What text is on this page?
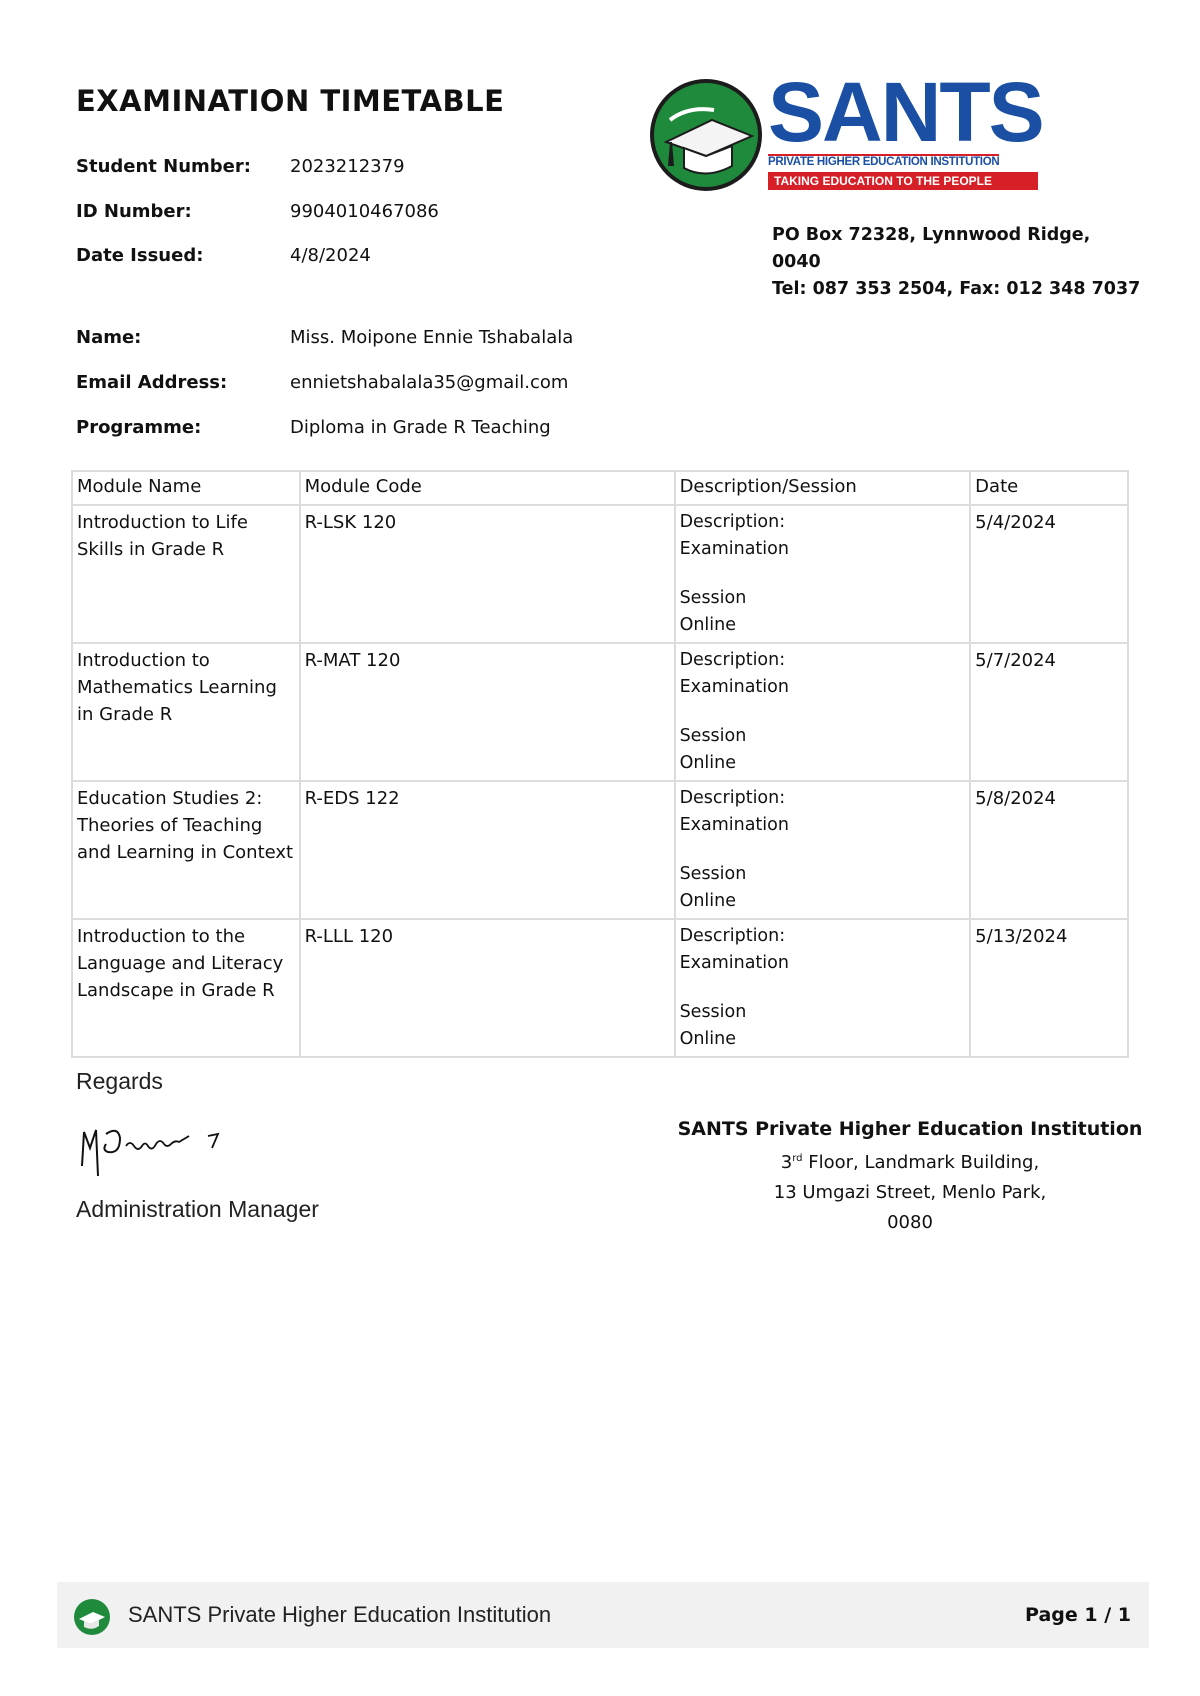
EXAMINATION TIMETABLE
Student Number: 2023212379
ID Number:	9904010467086
Date Issued:	4/8/2024
Name:	Miss. Moipone Ennie Tshabalala
Email Address:	ennietshabalala35@gmail.com
Programme:	Diploma in Grade R Teaching
SANTS
PRIVATE HIGHER EDUCATION INSTITUTION
TAKING EDUCATION TO THE PEOPLE
PO Box 72328, Lynnwood Ridge,
0040
Tel: 087 353 2504, Fax: 012 348 7037
Module Name	Module Code	Description/Session	Date
Introduction to Life Skills in Grade R	R-LSK 120	Description:
Examination
Session
Online	5/4/2024
Introduction to Mathematics Learning in Grade R	R-MAT 120	Description:
Examination
Session
Online	5/7/2024
Education Studies 2: Theories of Teaching and Learning in Context	R-EDS 122	Description:
Examination
Session
Online	5/8/2024
Introduction to the Language and Literacy Landscape in Grade R	R-LLL 120	Description:
Examination
Session
Online	5/13/2024
Regards
Administration Manager
SANTS Private Higher Education Institution
3rd Floor, Landmark Building,
13 Umgazi Street, Menlo Park,
0080
SANTS Private Higher Education Institution	Page 1 / 1
